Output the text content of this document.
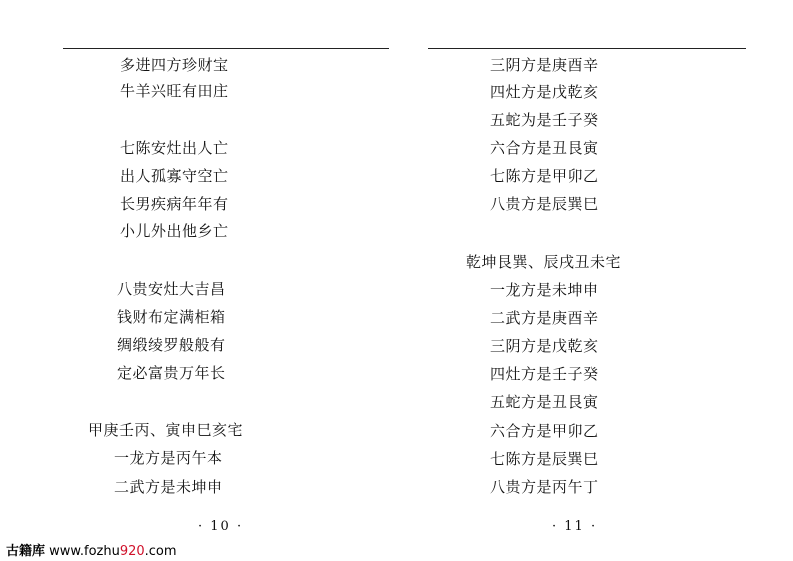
多进四方珍财宝
牛羊兴旺有田庄
七陈安灶出人亡
出人孤寡守空亡
长男疾病年年有
小儿外出他乡亡
八贵安灶大吉昌
钱财布定满柜箱
绸缎绫罗般般有
定必富贵万年长
甲庚壬丙、寅申巳亥宅
一龙方是丙午本
二武方是未坤申
三阴方是庚酉辛
四灶方是戊乾亥
五蛇为是壬子癸
六合方是丑艮寅
七陈方是甲卯乙
八贵方是辰巽巳
乾坤艮巽、辰戌丑未宅
一龙方是未坤申
二武方是庚酉辛
三阴方是戊乾亥
四灶方是壬子癸
五蛇方是丑艮寅
六合方是甲卯乙
七陈方是辰巽巳
八贵方是丙午丁
· 10 ·	· 11 ·
古籍库 www.fozhu920.com
